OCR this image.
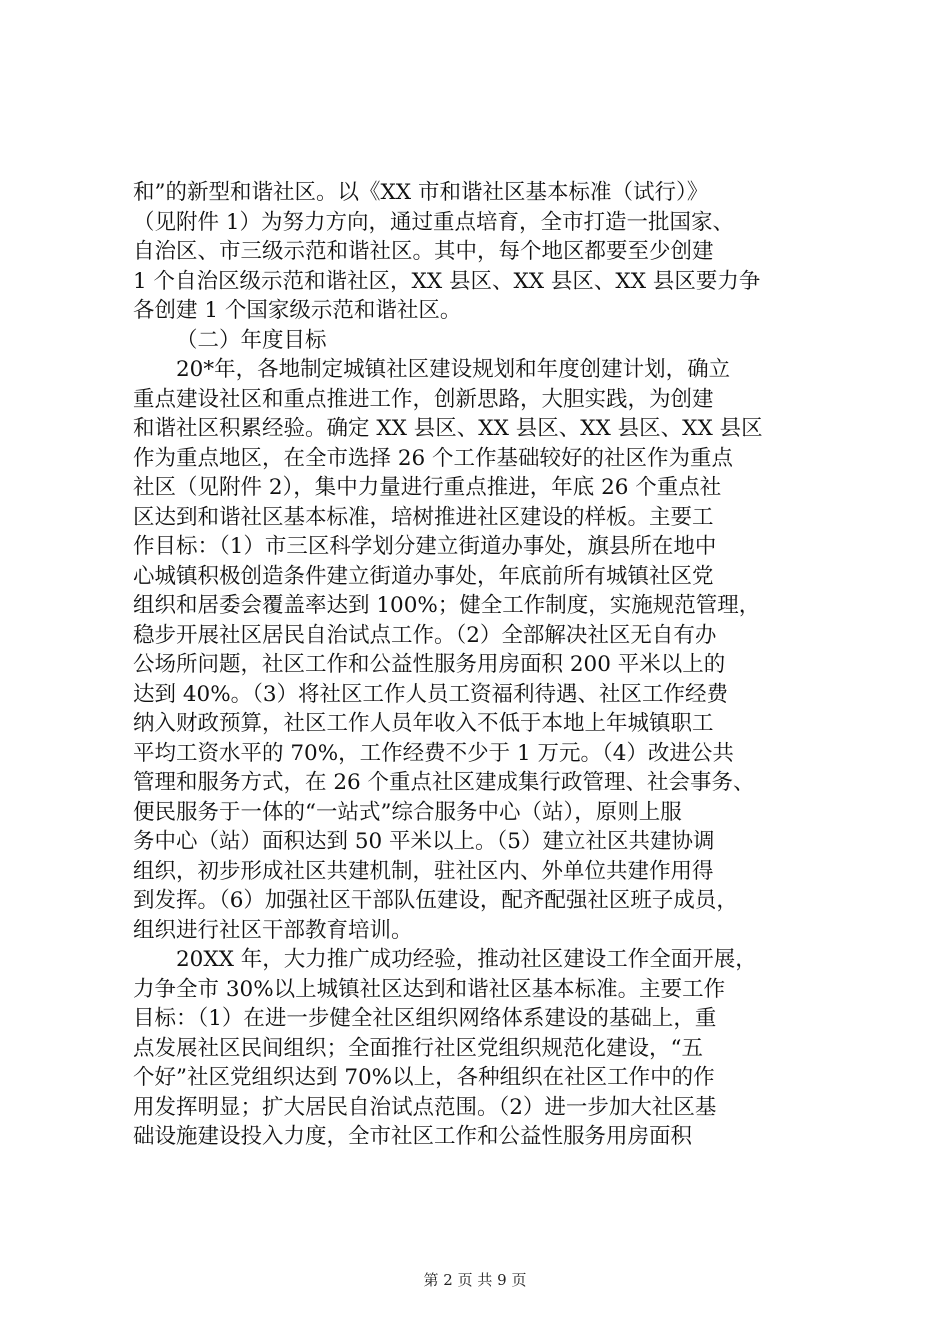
和”的新型和谐社区。以《XX 市和谐社区基本标准（试行）》
（见附件 1）为努力方向，通过重点培育，全市打造一批国家、
自治区、市三级示范和谐社区。其中，每个地区都要至少创建
1 个自治区级示范和谐社区，XX 县区、XX 县区、XX 县区要力争
各创建 1 个国家级示范和谐社区。
（二）年度目标
20*年，各地制定城镇社区建设规划和年度创建计划，确立
重点建设社区和重点推进工作，创新思路，大胆实践，为创建
和谐社区积累经验。确定 XX 县区、XX 县区、XX 县区、XX 县区
作为重点地区，在全市选择 26 个工作基础较好的社区作为重点
社区（见附件 2），集中力量进行重点推进，年底 26 个重点社
区达到和谐社区基本标准，培树推进社区建设的样板。主要工
作目标：（1）市三区科学划分建立街道办事处，旗县所在地中
心城镇积极创造条件建立街道办事处，年底前所有城镇社区党
组织和居委会覆盖率达到 100%；健全工作制度，实施规范管理，
稳步开展社区居民自治试点工作。（2）全部解决社区无自有办
公场所问题，社区工作和公益性服务用房面积 200 平米以上的
达到 40%。（3）将社区工作人员工资福利待遇、社区工作经费
纳入财政预算，社区工作人员年收入不低于本地上年城镇职工
平均工资水平的 70%，工作经费不少于 1 万元。（4）改进公共
管理和服务方式，在 26 个重点社区建成集行政管理、社会事务、
便民服务于一体的“一站式”综合服务中心（站），原则上服
务中心（站）面积达到 50 平米以上。（5）建立社区共建协调
组织，初步形成社区共建机制，驻社区内、外单位共建作用得
到发挥。（6）加强社区干部队伍建设，配齐配强社区班子成员，
组织进行社区干部教育培训。
20XX 年，大力推广成功经验，推动社区建设工作全面开展，
力争全市 30%以上城镇社区达到和谐社区基本标准。主要工作
目标：（1）在进一步健全社区组织网络体系建设的基础上，重
点发展社区民间组织；全面推行社区党组织规范化建设，“五
个好”社区党组织达到 70%以上，各种组织在社区工作中的作
用发挥明显；扩大居民自治试点范围。（2）进一步加大社区基
础设施建设投入力度，全市社区工作和公益性服务用房面积
第 2 页 共 9 页
